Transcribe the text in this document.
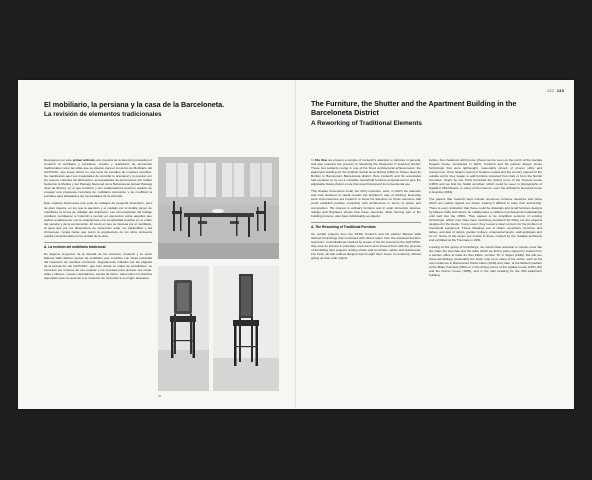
132 133
El mobiliario, la persiana y la casa de la Barceloneta.
La revisión de elementos tradicionales

Recogemos en este primer artículo una muestra de la atención prestada por Coderch al mobiliario y persianas, estudio y realización de elementos tradicionales como las sillas que se idearon para el concurso de Mobiliario del GATCPAC, que luego derivó en una serie de estudios de muebles sencillos. Se manifiestan aquí sus inquietudes de conciliar lo artesanal y lo popular con los nuevos métodos de fabricación, acompañadas de documentos del Institut Social de la Marina y del Passeig Nacional de la Barceloneta (actual Passeig Joan de Borbó), en el que Coderch y sus colaboradores tuvieron ocasión de ensayar una propuesta completa de mobiliario doméstico y de modificar la persiana para adaptarla a las necesidades de la vivienda.

Este capítulo documenta una serie de trabajos de pequeña dimensión, pero de gran riqueza, en los que la atención y el cuidado por el detalle ponen de manifiesto la forma de trabajar del arquitecto. Las circunstancias del trabajo cotidiano condujeron a Coderch a pensar en elementos sobre aquellos que podían establecerse con la arquitectura una complicidad positiva en el orden del espacio y de la composición. El modo en que se interesa por el mobiliario, al igual que por los dispositivos de protección solar, los barandillas y las chimeneas, revela hasta qué punto la arquitectura de los años cincuenta estaba comprometida con la unidad de la obra.

A. La revisión del mobiliario tradicional

En algunos proyectos de la década de los cuarenta, Coderch y su socio Manuel Valls definen piezas de mobiliario que conciben con ideas extraídas del repertorio de muebles corrientes. Seguramente influidos por las páginas de la revista AC del GATCPAC, que tuvo desde su etapa de estudiantes, se interesan por enseres de uso popular y los rescatan para proveer sus obras: sillas y sillones, mesas y aparadores, camas de hierro, todos ellos con diseños depurados que los acercan a lo moderno sin renunciar a su origen artesanal.

52
The Furniture, the Shutter and the Apartment Building in the Barceloneta District
A Reworking of Traditional Elements

In File One we present a sample of Coderch's attention to furniture in general, and also examine the process of reworking the Mogrevan in louvered shutter. These two subjects merge in one of his finest architectural achievements: the apartment building for the Instituto Social de la Marina (ISM) on Paseo Juan de Borbón in Barcelona's Barceloneta district. Here Coderch and his associates had occasion to try out a complete household furniture proposal and to give the adjustable blade shutter a role that would transcend its conventional use.

This chapter documents small, but richly inventive, work, in which the attention and care lavished on detail reveals the architect's way of working. Everyday work circumstances led Coderch to focus his attention on those elements that could establish positive complicity with architecture in terms of space and composition. His interest in ordinary furniture and in solar protection devices, railings and fireplaces shows how these elements, while forming part of the building process, also have individuality as objects.

A. The Reworking of Traditional Furniture

On certain projects from the 1940s Coderch and his partner Manuel Valls defined furnishings that combined with others taken from the standard furniture repertoire. In all likelihood inspired by issues of the AC journal by the GATCPAC, they took an interest in popularly used items and rescued them with the purpose of furnishing their projects: folding chairs and armchairs, tables and sideboards, iron beds, all with refined designs that brought them closer to modernity without giving up their craft origins.

incline, then balanced with bronze (these can be seen on the porch of the Garriga Nogués house, completed in 1947). Coderch and his partner always chose furnishings that were lightweight, reasonably priced, of proven utility and anonymous. Once Spain's period of isolation ended and the country opened to the outside world, they began to add furniture imported from Italy or from the Nordic countries: chairs by Gio Ponti furnished the dining room of the Torrens house (1953) and we find the Safari armchair, which could be seen in photographs of Ugalde's Villa Manolo, in many of his interiors, even the architect's ancestral home in Espolla (1964).

The papers that Coderch kept include numerous furniture sketches and plans which are neither signed nor dated, making it difficult to trace their authorship. There is every indication that these could be drawings and small furniture designs by Manuel Valls with whom he collaborated on different professional undertakings until well into the 1950s. They appear to be simplified versions of existing furnishings, which may have been workshop produced for fitting out the projects designed in the studio. In any event, they reveal a clear concern for the problem of household equipment. These drawings are of chairs, armchairs, benches and tables, and also of lamps, garden trolleys, ornamental lamps, wall appliqués and so on. Some of the lamps are similar to those created by the Catalan architects and exhibited at the Triennale in 1951.

Looking at this group of furnishings, we would draw attention to certain ones like the chair, the armchair and the table which we find in plans signed by Coderch for a tourism office at Calle de San Pablo, number 15, in Sitges (1946). We will see these furnishings, particularly the chair, crop up in many of his works, such as his own residence in Barcelona's Plaza Calvo (1949) and, later, at the Belloch pavilion at the Milan Triennial (1951) or in the dining rooms of the Ugalde house (1951–52) and the Dorrec house (1955), and in the plan heading for the ISM apartment building.
